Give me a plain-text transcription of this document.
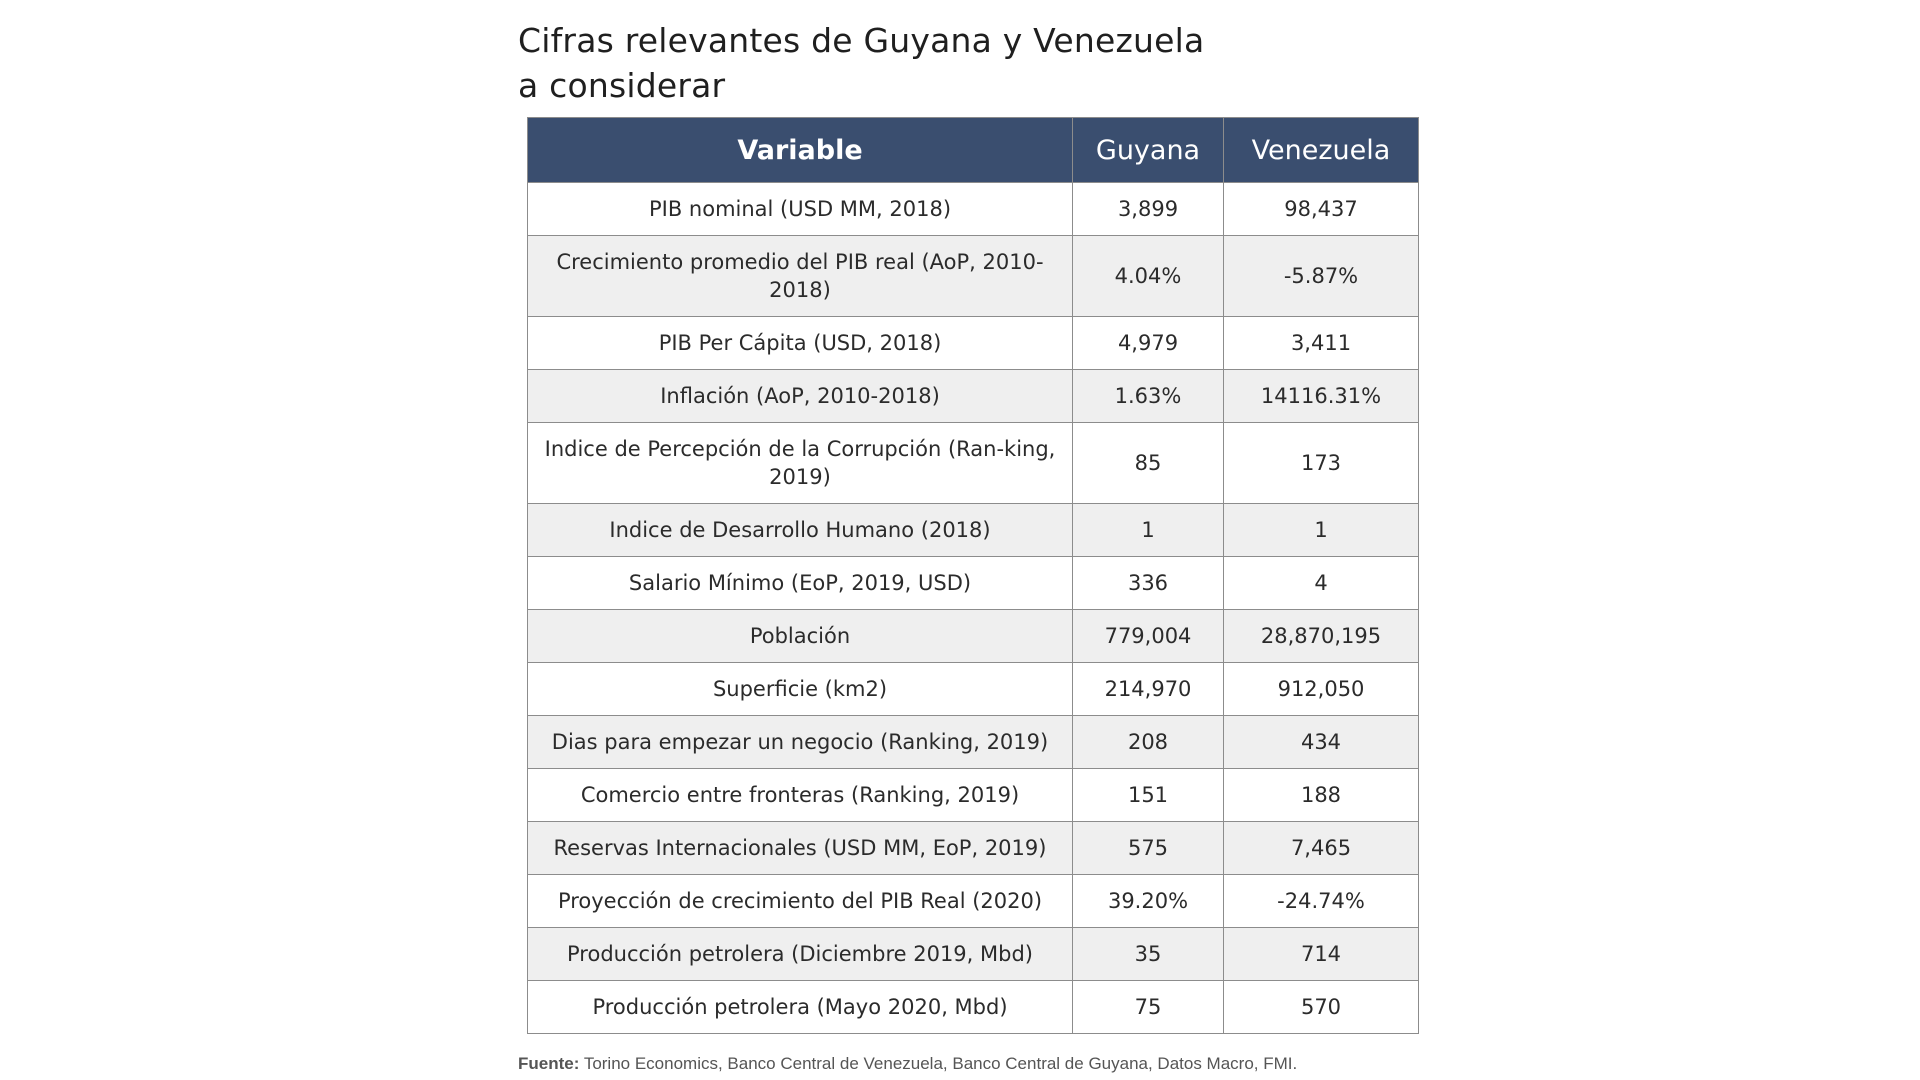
Cifras relevantes de Guyana y Venezuela
a considerar
Variable	Guyana	Venezuela
PIB nominal (USD MM, 2018)	3,899	98,437
Crecimiento promedio del PIB real (AoP, 2010-2018)	4.04%	-5.87%
PIB Per Cápita (USD, 2018)	4,979	3,411
Inflación (AoP, 2010-2018)	1.63%	14116.31%
Indice de Percepción de la Corrupción (Ran-king, 2019)	85	173
Indice de Desarrollo Humano (2018)	1	1
Salario Mínimo (EoP, 2019, USD)	336	4
Población	779,004	28,870,195
Superficie (km2)	214,970	912,050
Dias para empezar un negocio (Ranking, 2019)	208	434
Comercio entre fronteras (Ranking, 2019)	151	188
Reservas Internacionales (USD MM, EoP, 2019)	575	7,465
Proyección de crecimiento del PIB Real (2020)	39.20%	-24.74%
Producción petrolera (Diciembre 2019, Mbd)	35	714
Producción petrolera (Mayo 2020, Mbd)	75	570
Fuente: Torino Economics, Banco Central de Venezuela, Banco Central de Guyana, Datos Macro, FMI.
